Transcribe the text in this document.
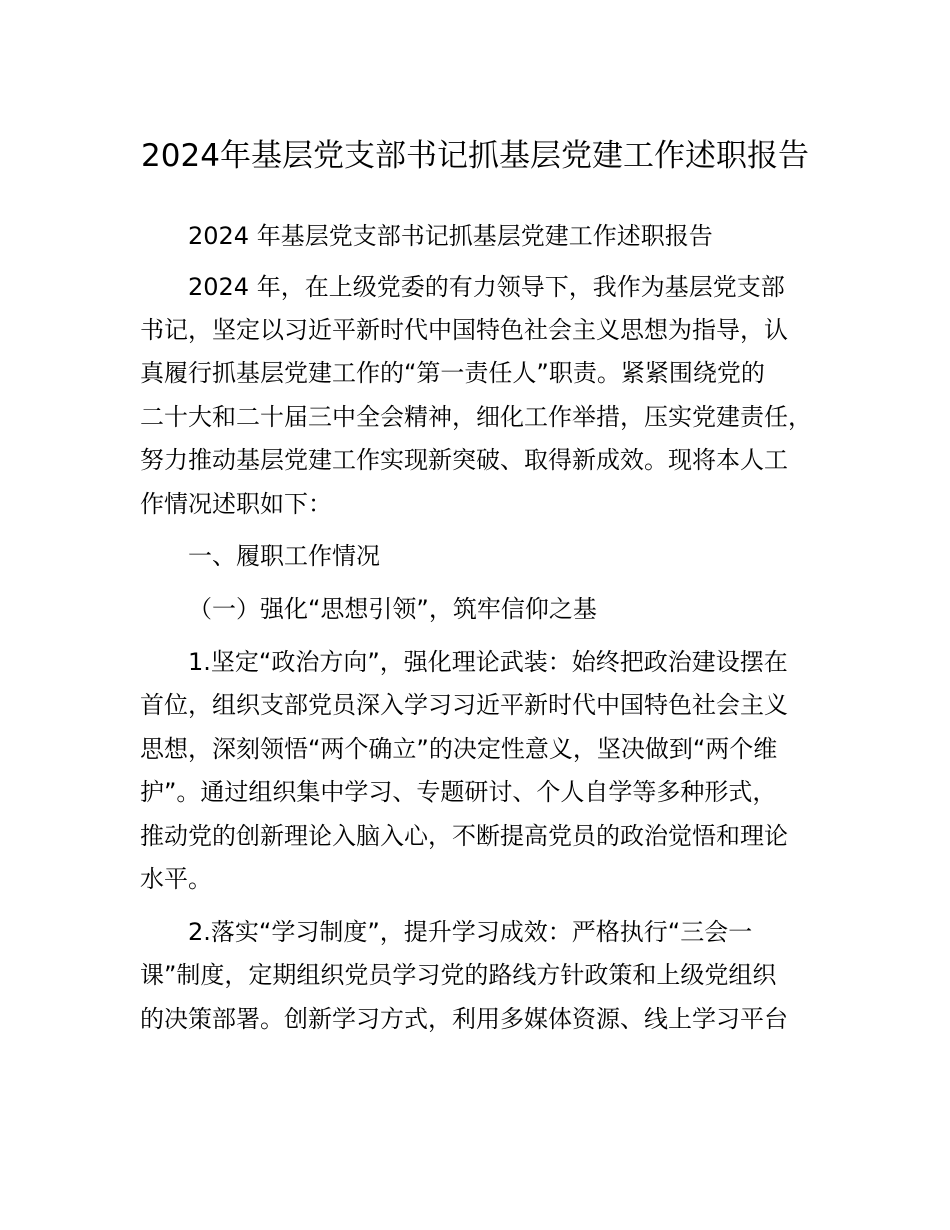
2024年基层党支部书记抓基层党建工作述职报告
2024 年基层党支部书记抓基层党建工作述职报告
2024 年，在上级党委的有力领导下，我作为基层党支部
书记，坚定以习近平新时代中国特色社会主义思想为指导，认
真履行抓基层党建工作的“第一责任人”职责。紧紧围绕党的
二十大和二十届三中全会精神，细化工作举措，压实党建责任，
努力推动基层党建工作实现新突破、取得新成效。现将本人工
作情况述职如下：
一、履职工作情况
（一）强化“思想引领”，筑牢信仰之基
1.坚定“政治方向”，强化理论武装：始终把政治建设摆在
首位，组织支部党员深入学习习近平新时代中国特色社会主义
思想，深刻领悟“两个确立”的决定性意义，坚决做到“两个维
护”。通过组织集中学习、专题研讨、个人自学等多种形式，
推动党的创新理论入脑入心，不断提高党员的政治觉悟和理论
水平。
2.落实“学习制度”，提升学习成效：严格执行“三会一
课”制度，定期组织党员学习党的路线方针政策和上级党组织
的决策部署。创新学习方式，利用多媒体资源、线上学习平台
